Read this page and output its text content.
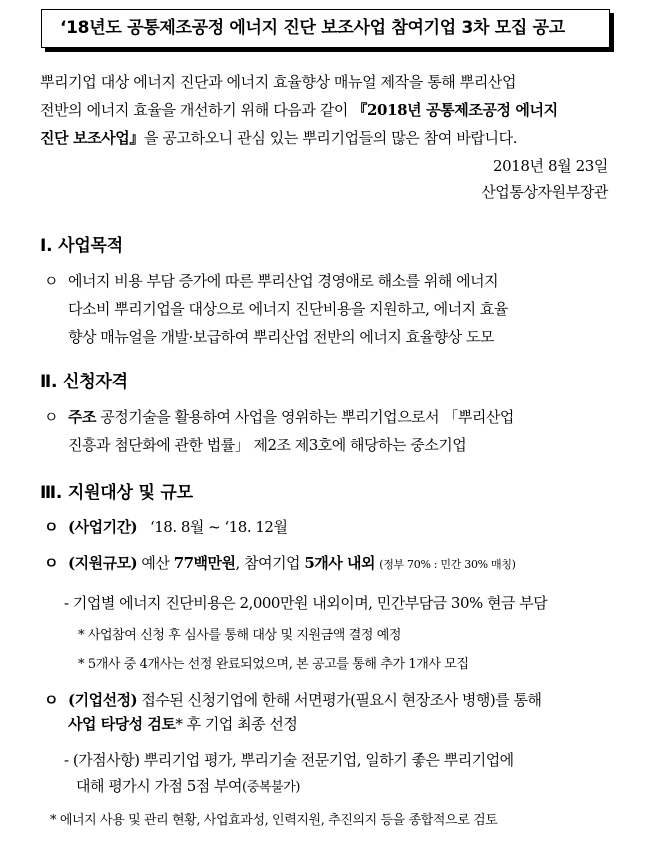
‘18년도 공통제조공정 에너지 진단 보조사업 참여기업 3차 모집 공고
뿌리기업 대상 에너지 진단과 에너지 효율향상 매뉴얼 제작을 통해 뿌리산업
전반의 에너지 효율을 개선하기 위해 다음과 같이 『2018년 공통제조공정 에너지
진단 보조사업』을 공고하오니 관심 있는 뿌리기업들의 많은 참여 바랍니다.
2018년 8월 23일
산업통상자원부장관
Ⅰ. 사업목적
ㅇ 에너지 비용 부담 증가에 따른 뿌리산업 경영애로 해소를 위해 에너지
다소비 뿌리기업을 대상으로 에너지 진단비용을 지원하고, 에너지 효율
향상 매뉴얼을 개발·보급하여 뿌리산업 전반의 에너지 효율향상 도모
Ⅱ. 신청자격
ㅇ 주조 공정기술을 활용하여 사업을 영위하는 뿌리기업으로서 「뿌리산업
진흥과 첨단화에 관한 법률」 제2조 제3호에 해당하는 중소기업
Ⅲ. 지원대상 및 규모
ㅇ (사업기간) ‘18. 8월 ~ ‘18. 12월
ㅇ (지원규모) 예산 77백만원, 참여기업 5개사 내외 (정부 70% : 민간 30% 매칭)
- 기업별 에너지 진단비용은 2,000만원 내외이며, 민간부담금 30% 현금 부담
* 사업참여 신청 후 심사를 통해 대상 및 지원금액 결정 예정
* 5개사 중 4개사는 선정 완료되었으며, 본 공고를 통해 추가 1개사 모집
ㅇ (기업선정) 접수된 신청기업에 한해 서면평가(필요시 현장조사 병행)를 통해
사업 타당성 검토* 후 기업 최종 선정
- (가점사항) 뿌리기업 평가, 뿌리기술 전문기업, 일하기 좋은 뿌리기업에
대해 평가시 가점 5점 부여(중복불가)
* 에너지 사용 및 관리 현황, 사업효과성, 인력지원, 추진의지 등을 종합적으로 검토
